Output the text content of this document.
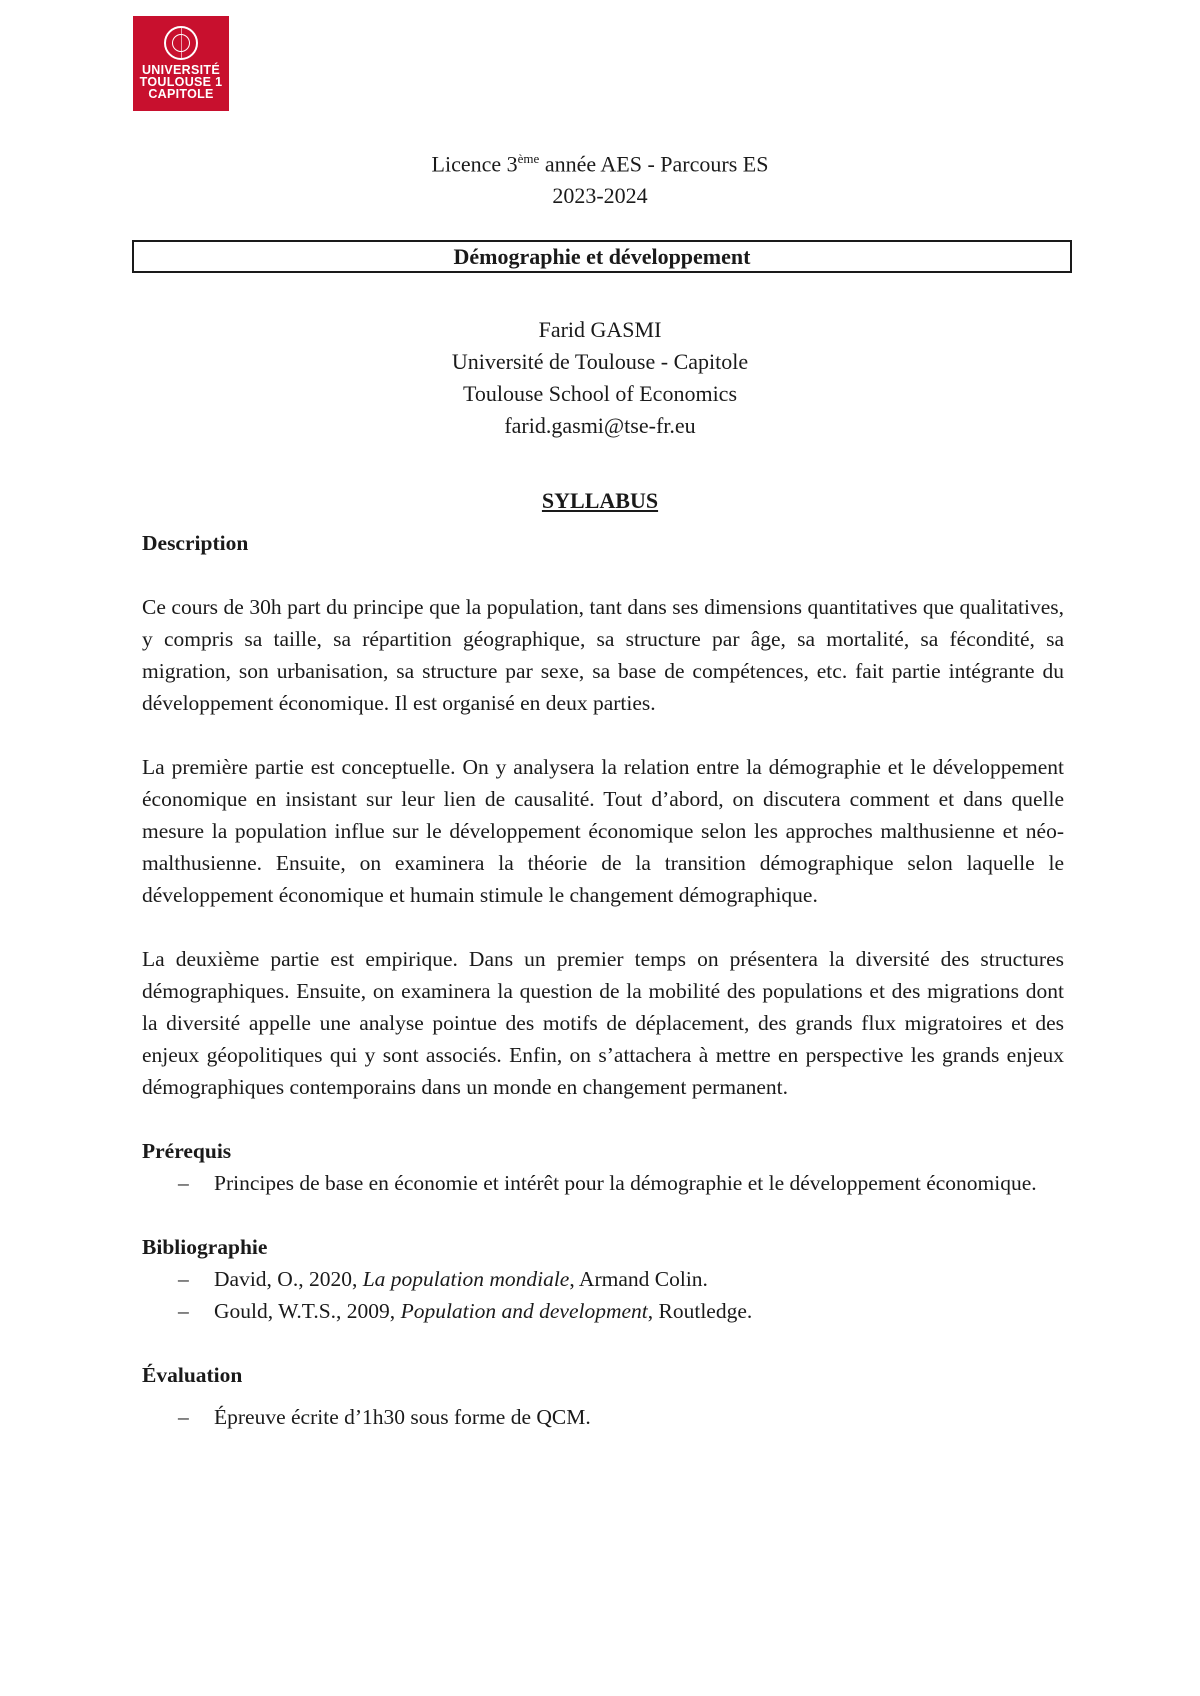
UNIVERSITÉ
TOULOUSE 1
CAPITOLE
Licence 3ème année AES - Parcours ES
2023-2024
Démographie et développement
Farid GASMI
Université de Toulouse - Capitole
Toulouse School of Economics
farid.gasmi@tse-fr.eu
SYLLABUS
Description

Ce cours de 30h part du principe que la population, tant dans ses dimensions quantitatives que qualitatives, y compris sa taille, sa répartition géographique, sa structure par âge, sa mortalité, sa fécondité, sa migration, son urbanisation, sa structure par sexe, sa base de compétences, etc. fait partie intégrante du développement économique. Il est organisé en deux parties.

La première partie est conceptuelle. On y analysera la relation entre la démographie et le développement économique en insistant sur leur lien de causalité. Tout d’abord, on discutera comment et dans quelle mesure la population influe sur le développement économique selon les approches malthusienne et néo-malthusienne. Ensuite, on examinera la théorie de la transition démographique selon laquelle le développement économique et humain stimule le changement démographique.

La deuxième partie est empirique. Dans un premier temps on présentera la diversité des structures démographiques. Ensuite, on examinera la question de la mobilité des populations et des migrations dont la diversité appelle une analyse pointue des motifs de déplacement, des grands flux migratoires et des enjeux géopolitiques qui y sont associés. Enfin, on s’attachera à mettre en perspective les grands enjeux démographiques contemporains dans un monde en changement permanent.

Prérequis
– Principes de base en économie et intérêt pour la démographie et le développement économique.
Bibliographie
– David, O., 2020, La population mondiale, Armand Colin.
– Gould, W.T.S., 2009, Population and development, Routledge.
Évaluation
– Épreuve écrite d’1h30 sous forme de QCM.
